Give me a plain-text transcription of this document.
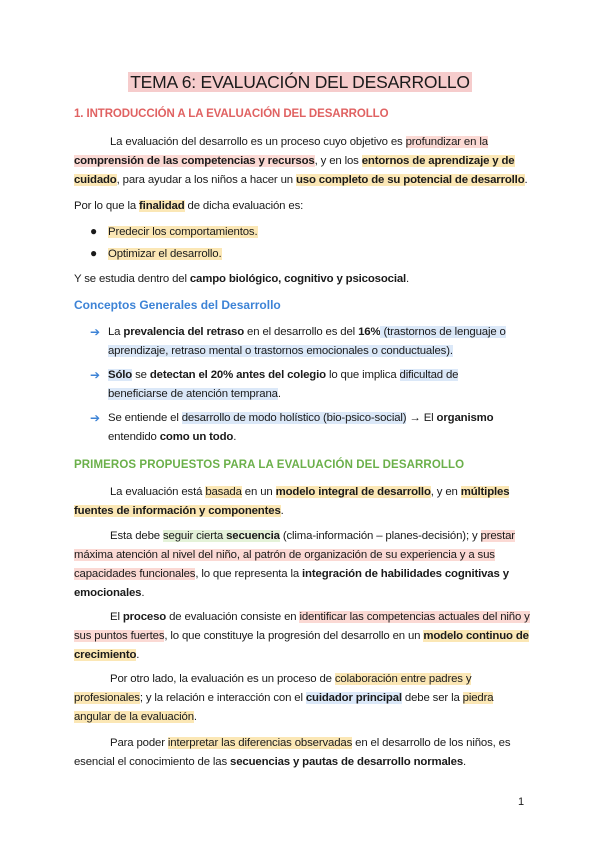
TEMA 6: EVALUACIÓN DEL DESARROLLO
1. INTRODUCCIÓN A LA EVALUACIÓN DEL DESARROLLO
La evaluación del desarrollo es un proceso cuyo objetivo es profundizar en la comprensión de las competencias y recursos, y en los entornos de aprendizaje y de cuidado, para ayudar a los niños a hacer un uso completo de su potencial de desarrollo.
Por lo que la finalidad de dicha evaluación es:
● Predecir los comportamientos.
● Optimizar el desarrollo.
Y se estudia dentro del campo biológico, cognitivo y psicosocial.
Conceptos Generales del Desarrollo
➔ La prevalencia del retraso en el desarrollo es del 16% (trastornos de lenguaje o aprendizaje, retraso mental o trastornos emocionales o conductuales).
➔ Sólo se detectan el 20% antes del colegio lo que implica dificultad de beneficiarse de atención temprana.
➔ Se entiende el desarrollo de modo holístico (bio-psico-social) → El organismo entendido como un todo.
PRIMEROS PROPUESTOS PARA LA EVALUACIÓN DEL DESARROLLO
La evaluación está basada en un modelo integral de desarrollo, y en múltiples fuentes de información y componentes.
Esta debe seguir cierta secuencia (clima-información – planes-decisión); y prestar máxima atención al nivel del niño, al patrón de organización de su experiencia y a sus capacidades funcionales, lo que representa la integración de habilidades cognitivas y emocionales.
El proceso de evaluación consiste en identificar las competencias actuales del niño y sus puntos fuertes, lo que constituye la progresión del desarrollo en un modelo continuo de crecimiento.
Por otro lado, la evaluación es un proceso de colaboración entre padres y profesionales; y la relación e interacción con el cuidador principal debe ser la piedra angular de la evaluación.
Para poder interpretar las diferencias observadas en el desarrollo de los niños, es esencial el conocimiento de las secuencias y pautas de desarrollo normales.
1
